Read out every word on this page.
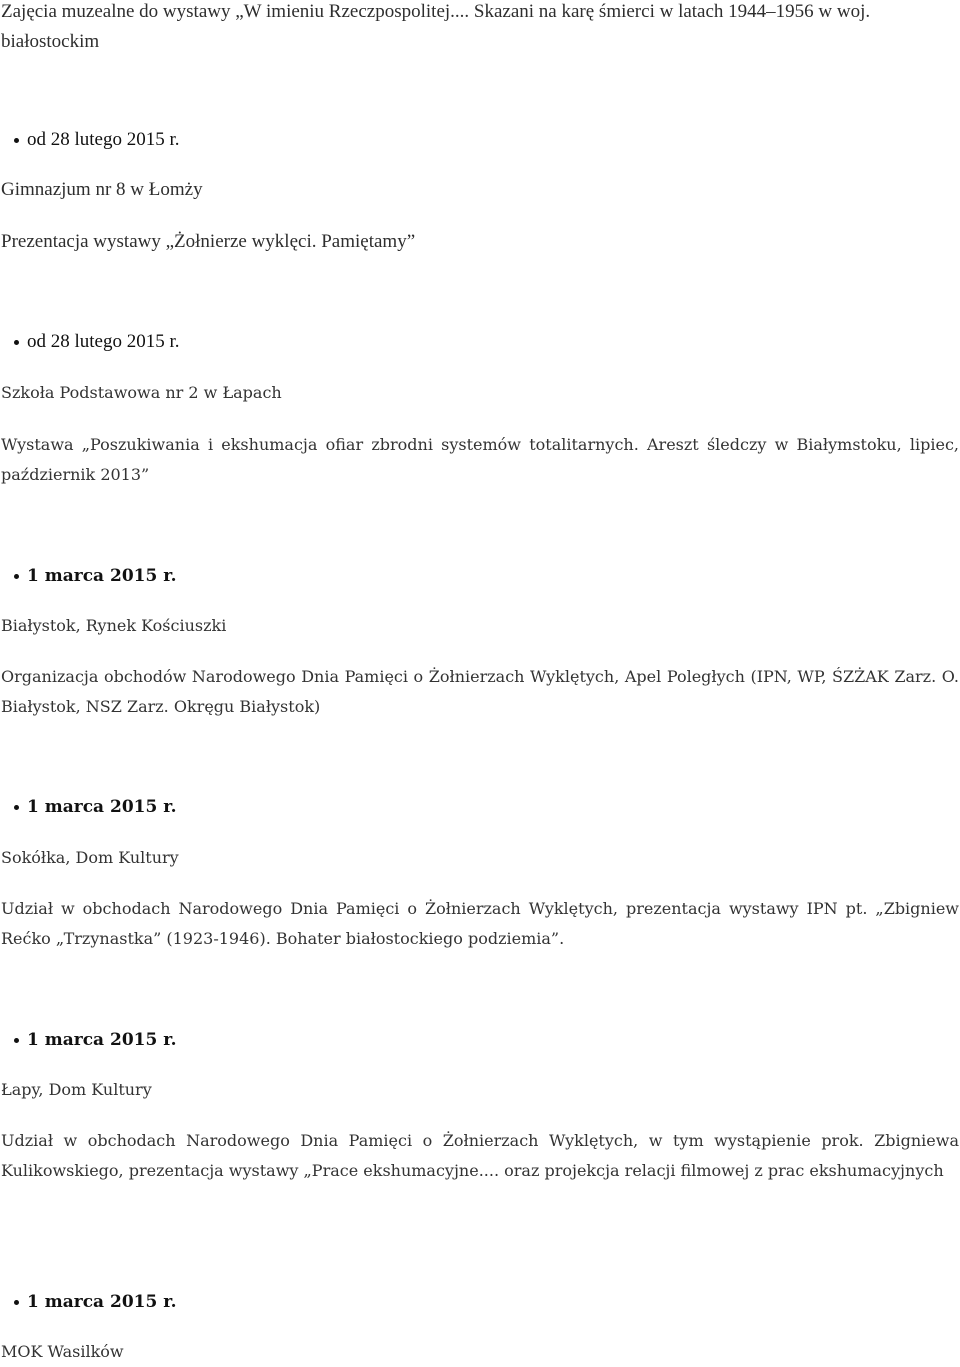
Zajęcia muzealne do wystawy „W imieniu Rzeczpospolitej.... Skazani na karę śmierci w latach 1944–1956 w woj. białostockim

od 28 lutego 2015 r.

Gimnazjum nr 8 w Łomży

Prezentacja wystawy „Żołnierze wyklęci. Pamiętamy”

od 28 lutego 2015 r.

Szkoła Podstawowa nr 2 w Łapach

Wystawa „Poszukiwania i ekshumacja ofiar zbrodni systemów totalitarnych. Areszt śledczy w Białymstoku, lipiec, październik 2013”

1 marca 2015 r.

Białystok, Rynek Kościuszki

Organizacja obchodów Narodowego Dnia Pamięci o Żołnierzach Wyklętych, Apel Poległych (IPN, WP, ŚZŻAK Zarz. O. Białystok, NSZ Zarz. Okręgu Białystok)

1 marca 2015 r.

Sokółka, Dom Kultury

Udział w obchodach Narodowego Dnia Pamięci o Żołnierzach Wyklętych, prezentacja wystawy IPN pt. „Zbigniew Rećko „Trzynastka” (1923-1946). Bohater białostockiego podziemia”.

1 marca 2015 r.

Łapy, Dom Kultury

Udział w obchodach Narodowego Dnia Pamięci o Żołnierzach Wyklętych, w tym wystąpienie prok. Zbigniewa Kulikowskiego, prezentacja wystawy „Prace ekshumacyjne.... oraz projekcja relacji filmowej z prac ekshumacyjnych

1 marca 2015 r.

MOK Wasilków
